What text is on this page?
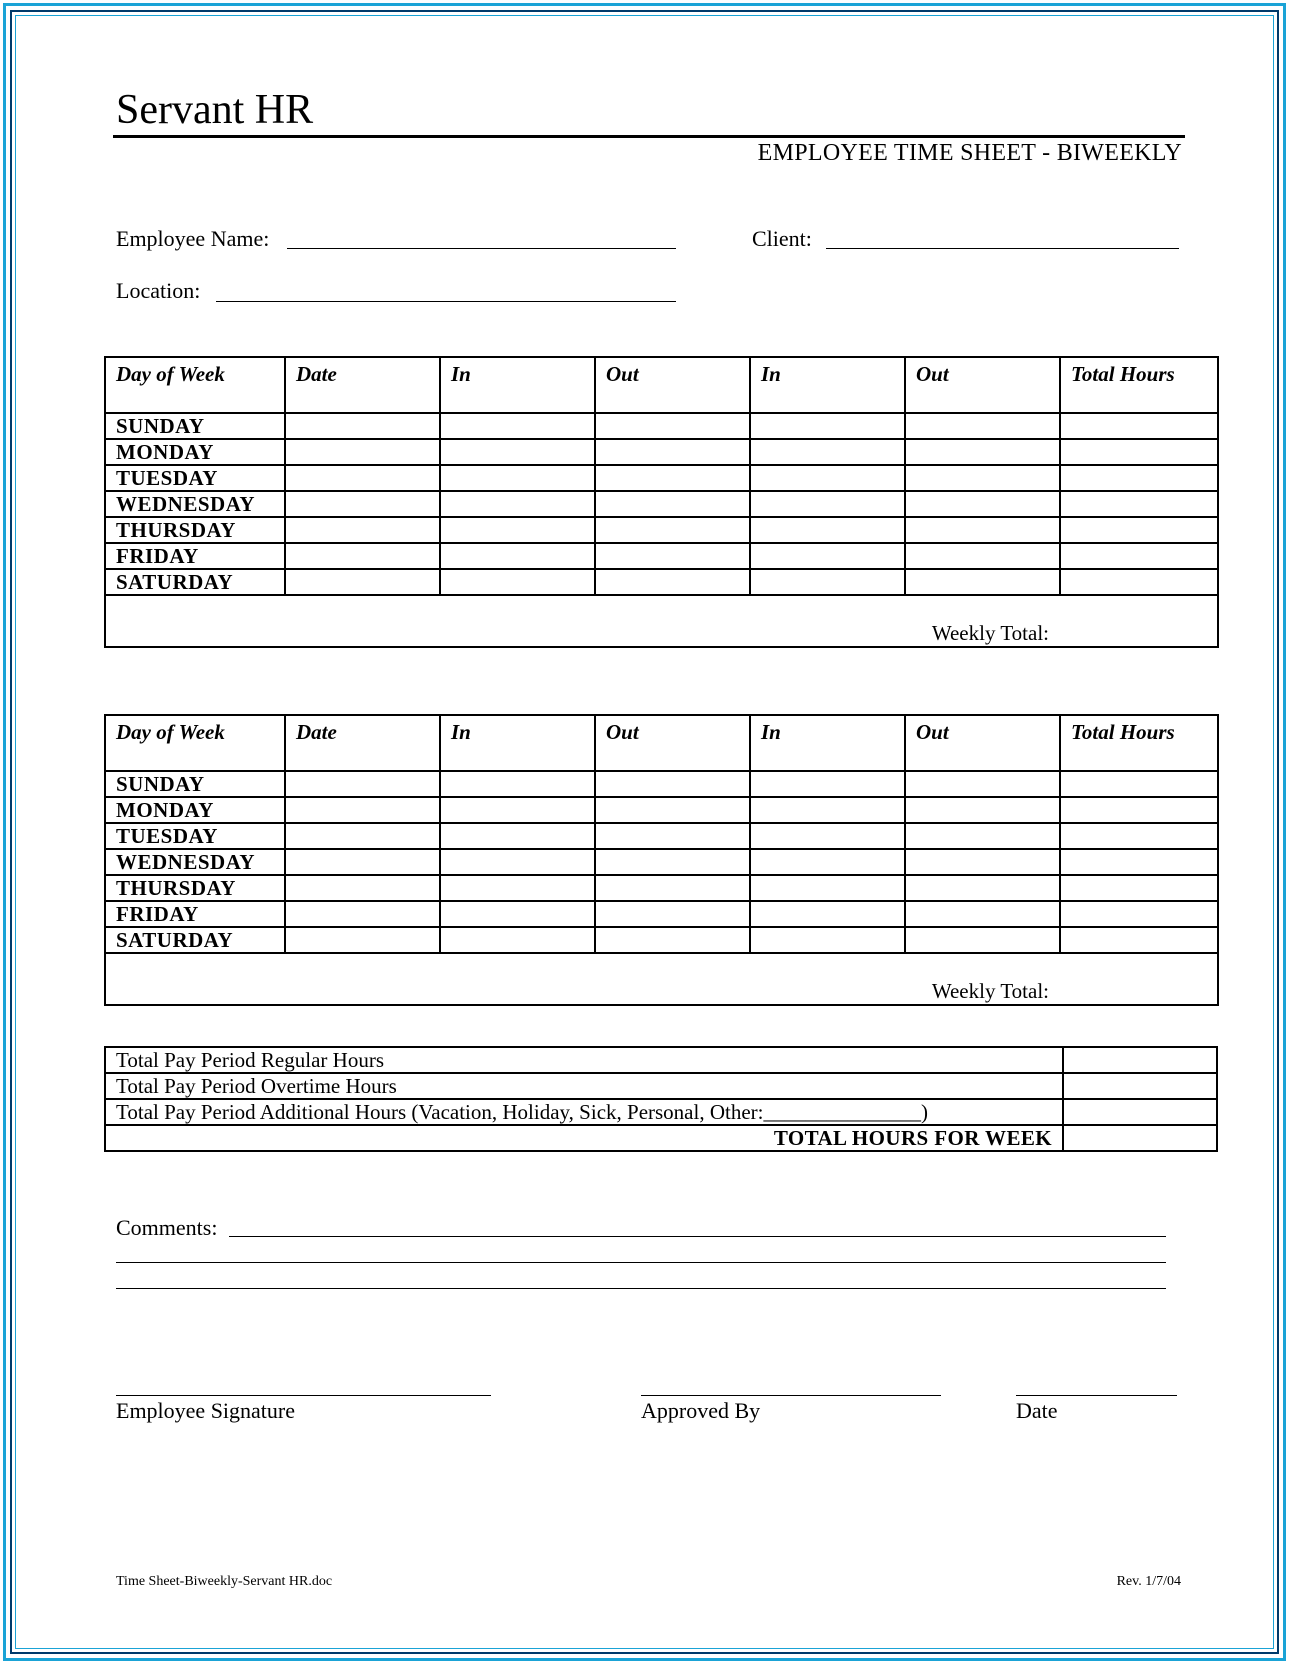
Servant HR
EMPLOYEE TIME SHEET - BIWEEKLY
Employee Name:	Client:
Location:
Day of Week	Date	In	Out	In	Out	Total Hours
SUNDAY						
MONDAY						
TUESDAY						
WEDNESDAY						
THURSDAY						
FRIDAY						
SATURDAY						

Weekly Total:						
Day of Week	Date	In	Out	In	Out	Total Hours
SUNDAY						
MONDAY						
TUESDAY						
WEDNESDAY						
THURSDAY						
FRIDAY						
SATURDAY						

Weekly Total:						
Total Pay Period Regular Hours	
Total Pay Period Overtime Hours	
Total Pay Period Additional Hours (Vacation, Holiday, Sick, Personal, Other:_______________)	
TOTAL HOURS FOR WEEK	
Comments:
Employee Signature	Approved By	Date
Time Sheet-Biweekly-Servant HR.doc	Rev. 1/7/04
